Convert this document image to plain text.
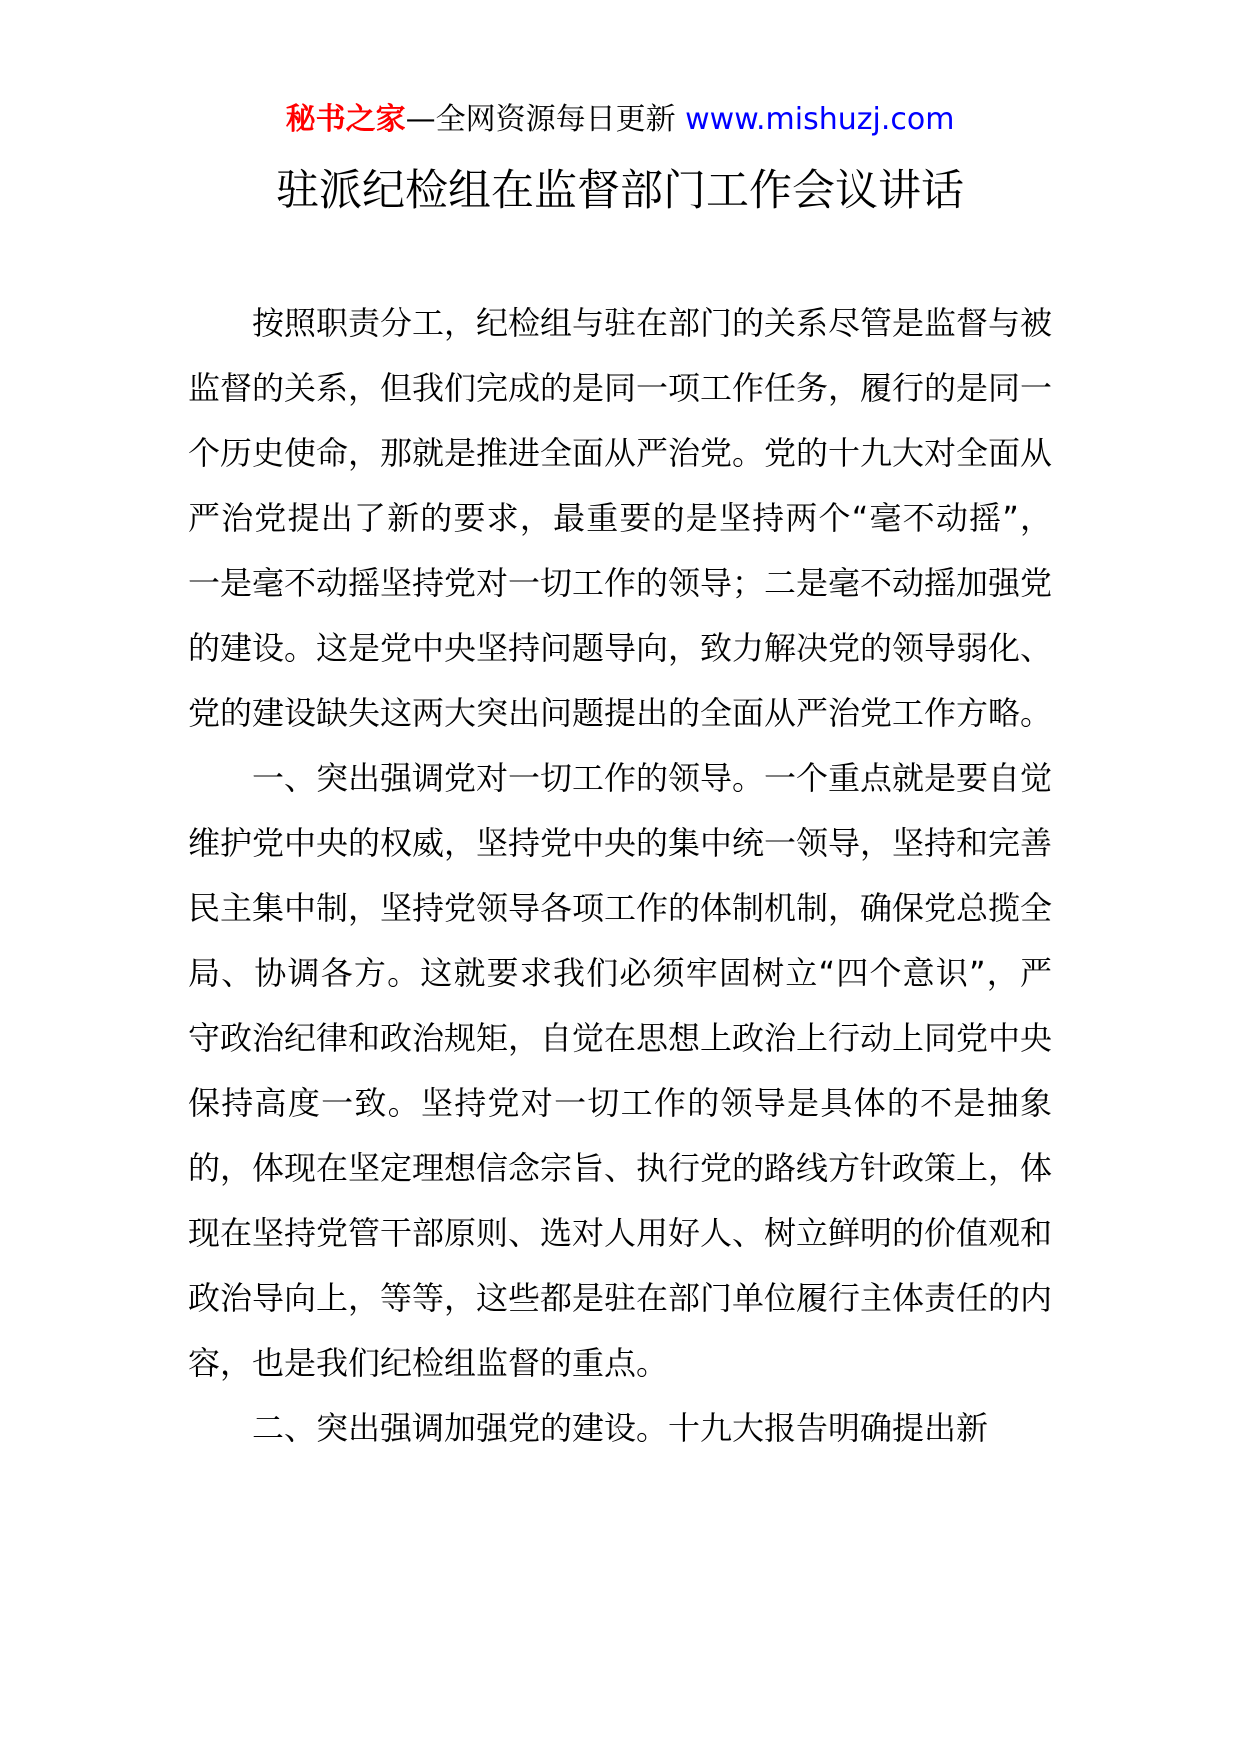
秘书之家—全网资源每日更新 www.mishuzj.com
驻派纪检组在监督部门工作会议讲话

按照职责分工，纪检组与驻在部门的关系尽管是监督与被监督的关系，但我们完成的是同一项工作任务，履行的是同一个历史使命，那就是推进全面从严治党。党的十九大对全面从严治党提出了新的要求，最重要的是坚持两个“毫不动摇”，一是毫不动摇坚持党对一切工作的领导；二是毫不动摇加强党的建设。这是党中央坚持问题导向，致力解决党的领导弱化、党的建设缺失这两大突出问题提出的全面从严治党工作方略。

一、突出强调党对一切工作的领导。一个重点就是要自觉维护党中央的权威，坚持党中央的集中统一领导，坚持和完善民主集中制，坚持党领导各项工作的体制机制，确保党总揽全局、协调各方。这就要求我们必须牢固树立“四个意识”，严守政治纪律和政治规矩，自觉在思想上政治上行动上同党中央保持高度一致。坚持党对一切工作的领导是具体的不是抽象的，体现在坚定理想信念宗旨、执行党的路线方针政策上，体现在坚持党管干部原则、选对人用好人、树立鲜明的价值观和政治导向上，等等，这些都是驻在部门单位履行主体责任的内容，也是我们纪检组监督的重点。

二、突出强调加强党的建设。十九大报告明确提出新
